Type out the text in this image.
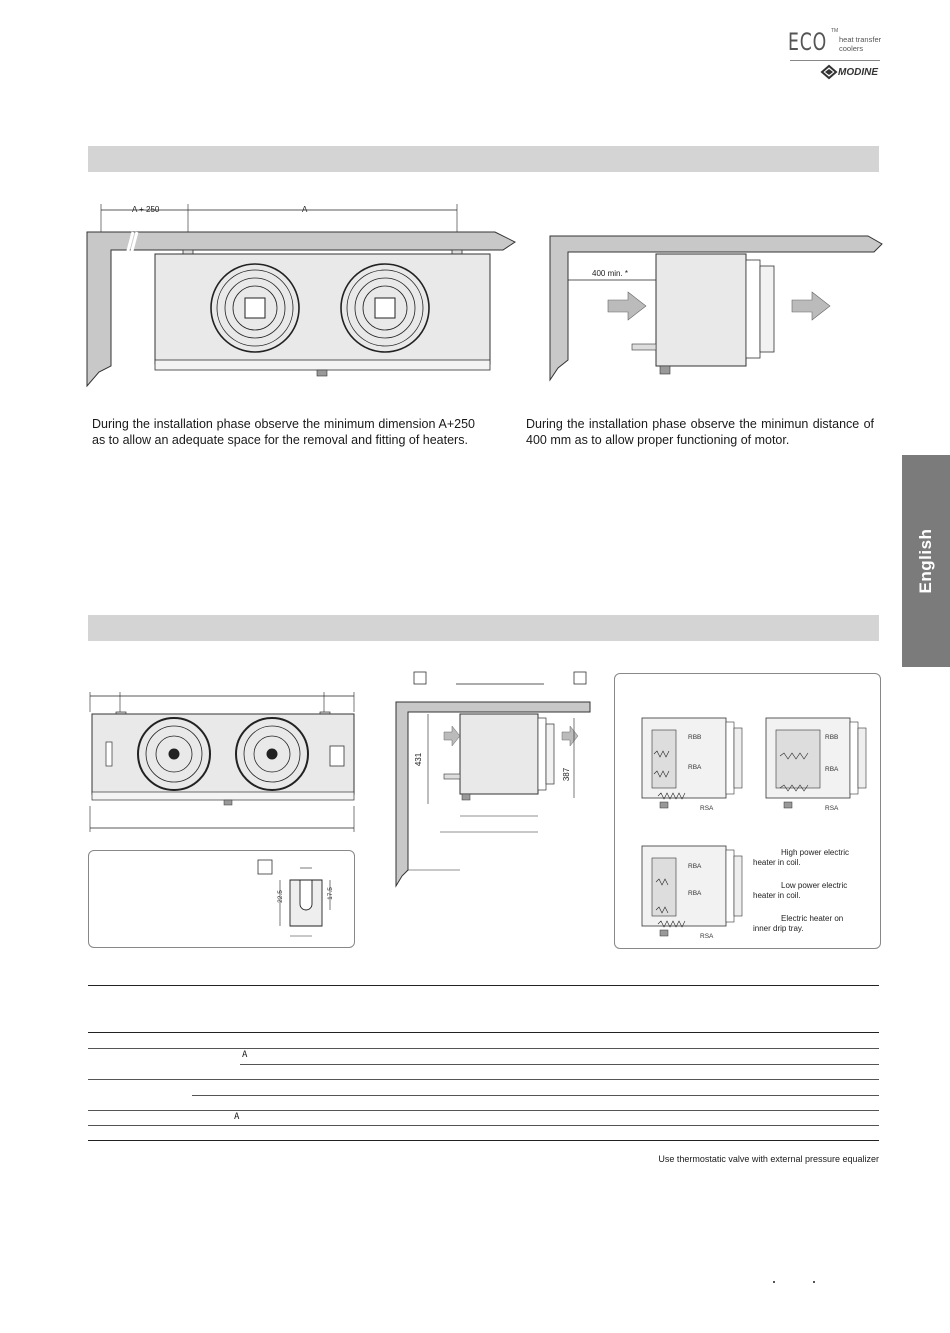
ECO TM
heat transfer
coolers
MODINE
English
A + 250	A
400 min. *
During the installation phase observe the minimum dimension A+250 as to allow an adequate space for the removal and fitting of heaters.
During the installation phase observe the minimun distance of 400 mm as to allow proper functioning of motor.
22.5	17.5
431
387
RBB
RBA
RSA
RBB
RBA
RSA
RBA
RBA
RSA
High power electric heater in coil.
Low power electric heater in coil.
Electric heater on inner drip tray.
A
A
Use thermostatic valve with external pressure equalizer
